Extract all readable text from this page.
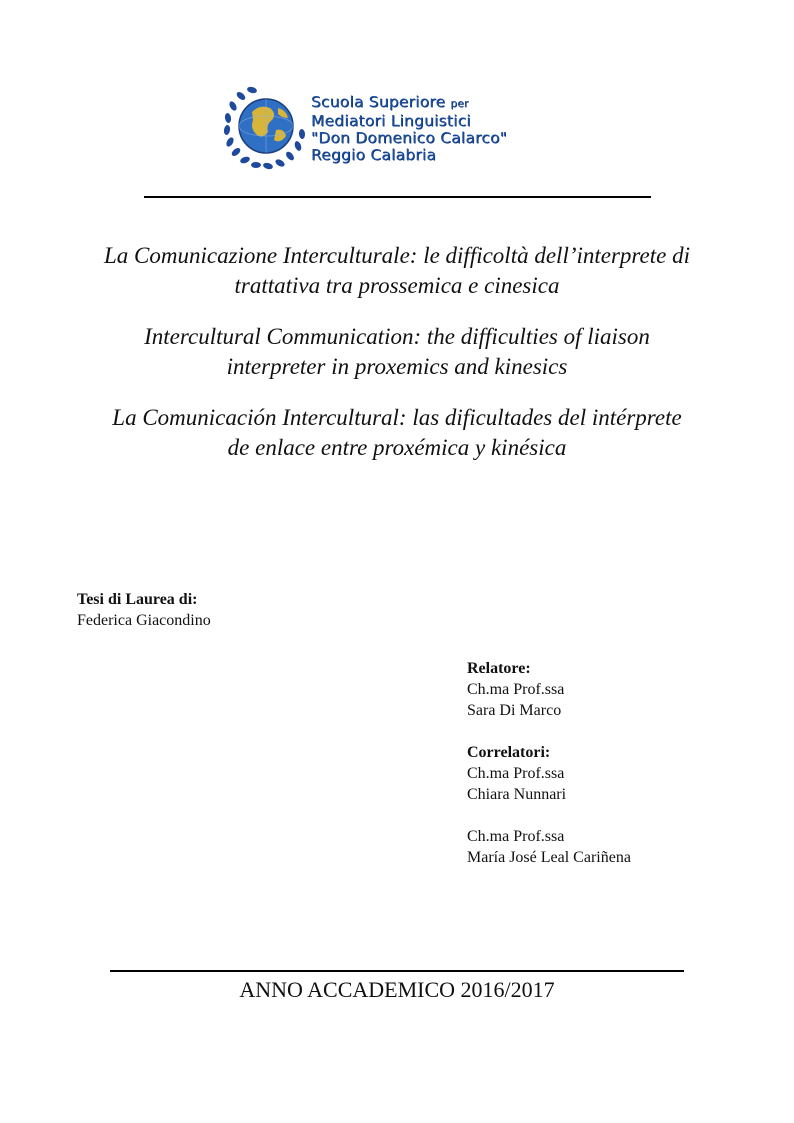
Scuola Superiore per
Mediatori Linguistici
"Don Domenico Calarco"
Reggio Calabria
La Comunicazione Interculturale: le difficoltà dell’interprete di
trattativa tra prossemica e cinesica
Intercultural Communication: the difficulties of liaison
interpreter in proxemics and kinesics
La Comunicación Intercultural: las dificultades del intérprete
de enlace entre proxémica y kinésica
Tesi di Laurea di:
Federica Giacondino
Relatore:
Ch.ma Prof.ssa
Sara Di Marco
Correlatori:
Ch.ma Prof.ssa
Chiara Nunnari
Ch.ma Prof.ssa
María José Leal Cariñena
ANNO ACCADEMICO 2016/2017
